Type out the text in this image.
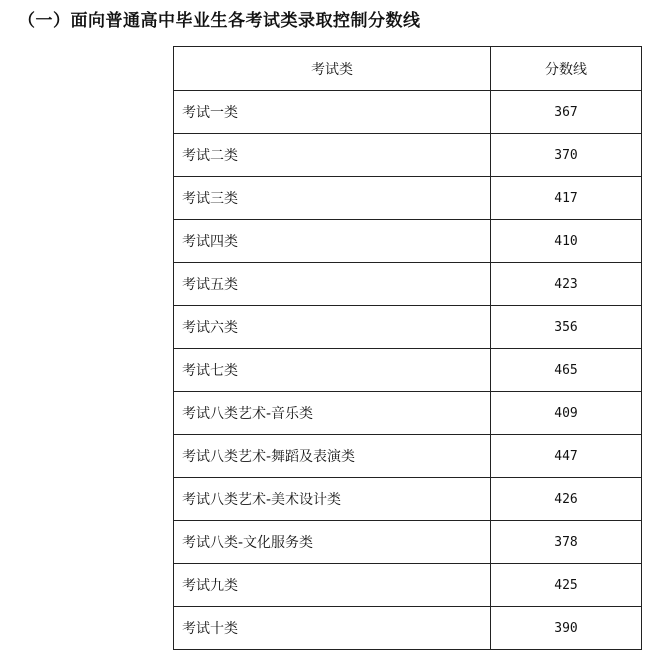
（一）面向普通高中毕业生各考试类录取控制分数线
考试类	分数线
考试一类	367
考试二类	370
考试三类	417
考试四类	410
考试五类	423
考试六类	356
考试七类	465
考试八类艺术-音乐类	409
考试八类艺术-舞蹈及表演类	447
考试八类艺术-美术设计类	426
考试八类-文化服务类	378
考试九类	425
考试十类	390
